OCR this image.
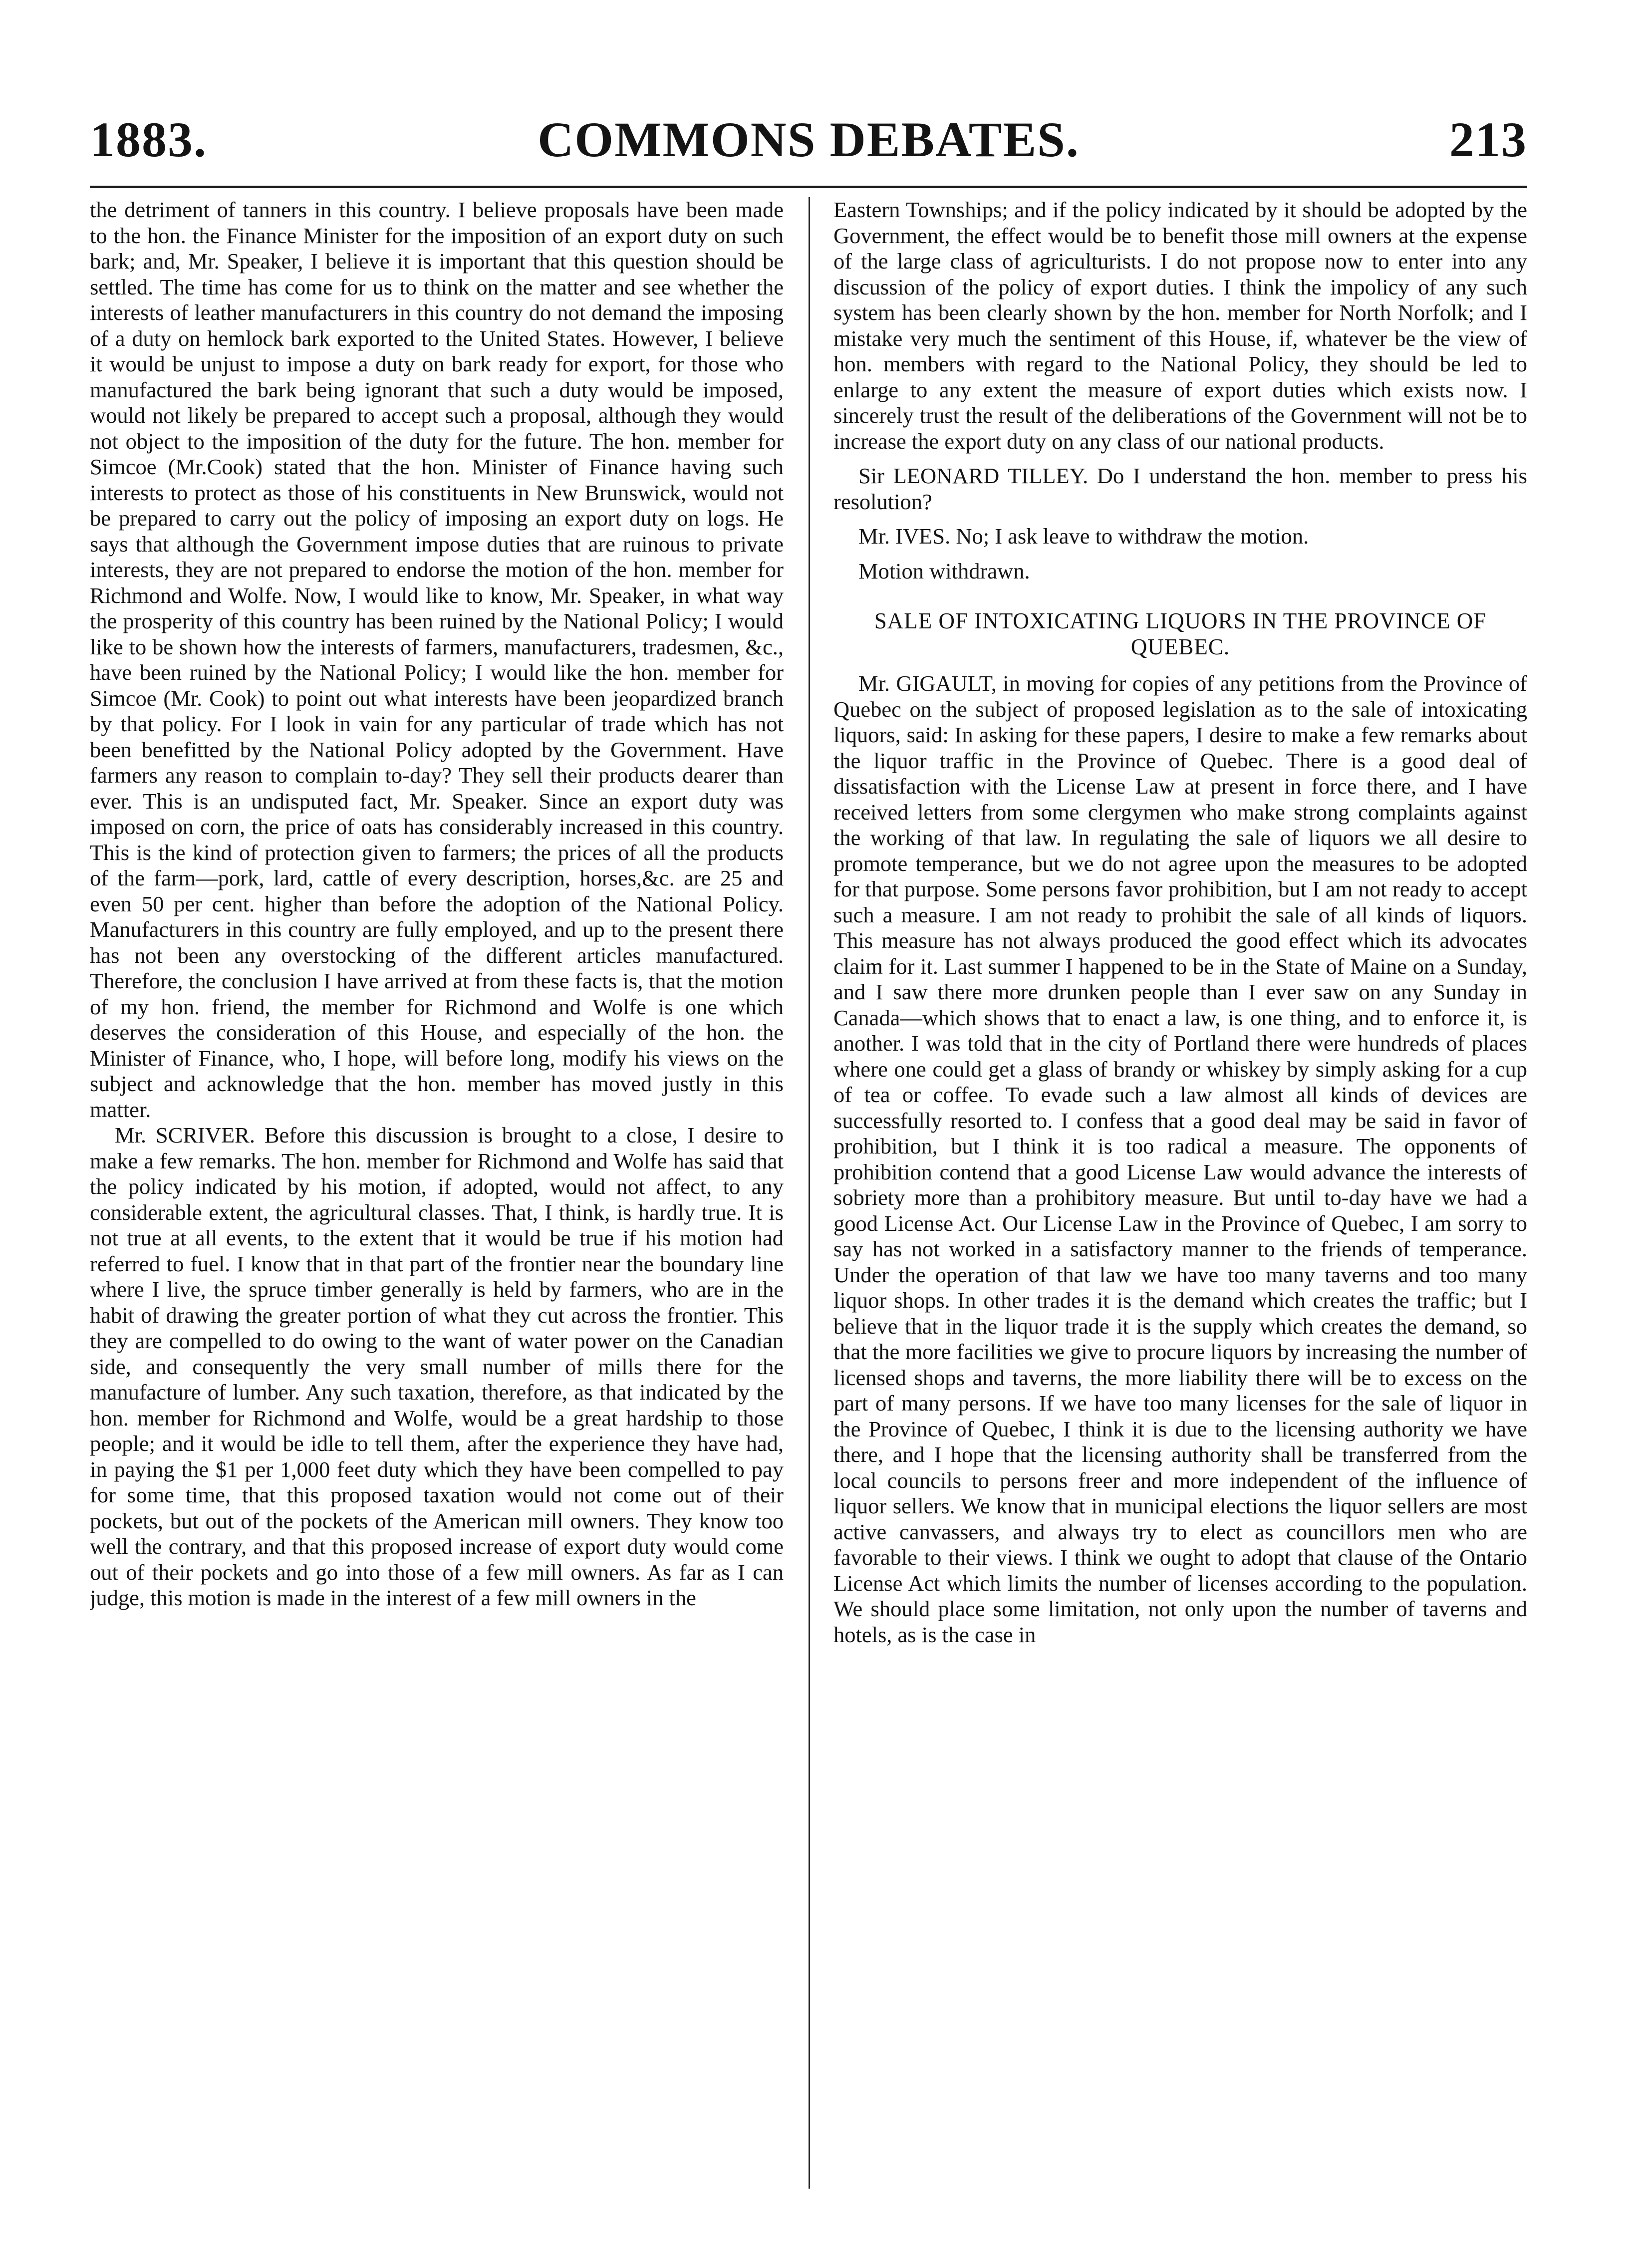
1883.	COMMONS DEBATES.	213

the detriment of tanners in this country. I believe proposals have been made to the hon. the Finance Minister for the imposition of an export duty on such bark; and, Mr. Speaker, I believe it is important that this question should be settled. The time has come for us to think on the matter and see whether the interests of leather manufacturers in this country do not demand the imposing of a duty on hemlock bark exported to the United States. However, I believe it would be unjust to impose a duty on bark ready for export, for those who manufactured the bark being ignorant that such a duty would be imposed, would not likely be prepared to accept such a proposal, although they would not object to the imposition of the duty for the future. The hon. member for Simcoe (Mr.Cook) stated that the hon. Minister of Finance having such interests to protect as those of his constituents in New Brunswick, would not be prepared to carry out the policy of imposing an export duty on logs. He says that although the Government impose duties that are ruinous to private interests, they are not prepared to endorse the motion of the hon. member for Richmond and Wolfe. Now, I would like to know, Mr. Speaker, in what way the prosperity of this country has been ruined by the National Policy; I would like to be shown how the interests of farmers, manufacturers, tradesmen, &c., have been ruined by the National Policy; I would like the hon. member for Simcoe (Mr. Cook) to point out what interests have been jeopardized branch by that policy. For I look in vain for any particular of trade which has not been benefitted by the National Policy adopted by the Government. Have farmers any reason to complain to-day? They sell their products dearer than ever. This is an undisputed fact, Mr. Speaker. Since an export duty was imposed on corn, the price of oats has considerably increased in this country. This is the kind of protection given to farmers; the prices of all the products of the farm—pork, lard, cattle of every description, horses,&c. are 25 and even 50 per cent. higher than before the adoption of the National Policy. Manufacturers in this country are fully employed, and up to the present there has not been any overstocking of the different articles manufactured. Therefore, the conclusion I have arrived at from these facts is, that the motion of my hon. friend, the member for Richmond and Wolfe is one which deserves the consideration of this House, and especially of the hon. the Minister of Finance, who, I hope, will before long, modify his views on the subject and acknowledge that the hon. member has moved justly in this matter.

Mr. SCRIVER. Before this discussion is brought to a close, I desire to make a few remarks. The hon. member for Richmond and Wolfe has said that the policy indicated by his motion, if adopted, would not affect, to any considerable extent, the agricultural classes. That, I think, is hardly true. It is not true at all events, to the extent that it would be true if his motion had referred to fuel. I know that in that part of the frontier near the boundary line where I live, the spruce timber generally is held by farmers, who are in the habit of drawing the greater portion of what they cut across the frontier. This they are compelled to do owing to the want of water power on the Canadian side, and consequently the very small number of mills there for the manufacture of lumber. Any such taxation, therefore, as that indicated by the hon. member for Richmond and Wolfe, would be a great hardship to those people; and it would be idle to tell them, after the experience they have had, in paying the $1 per 1,000 feet duty which they have been compelled to pay for some time, that this proposed taxation would not come out of their pockets, but out of the pockets of the American mill owners. They know too well the contrary, and that this proposed increase of export duty would come out of their pockets and go into those of a few mill owners. As far as I can judge, this motion is made in the interest of a few mill owners in the

Eastern Townships; and if the policy indicated by it should be adopted by the Government, the effect would be to benefit those mill owners at the expense of the large class of agriculturists. I do not propose now to enter into any discussion of the policy of export duties. I think the impolicy of any such system has been clearly shown by the hon. member for North Norfolk; and I mistake very much the sentiment of this House, if, whatever be the view of hon. members with regard to the National Policy, they should be led to enlarge to any extent the measure of export duties which exists now. I sincerely trust the result of the deliberations of the Government will not be to increase the export duty on any class of our national products.

Sir LEONARD TILLEY. Do I understand the hon. member to press his resolution?

Mr. IVES. No; I ask leave to withdraw the motion.

Motion withdrawn.

SALE OF INTOXICATING LIQUORS IN THE PROVINCE OF QUEBEC.

Mr. GIGAULT, in moving for copies of any petitions from the Province of Quebec on the subject of proposed legislation as to the sale of intoxicating liquors, said: In asking for these papers, I desire to make a few remarks about the liquor traffic in the Province of Quebec. There is a good deal of dissatisfaction with the License Law at present in force there, and I have received letters from some clergymen who make strong complaints against the working of that law. In regulating the sale of liquors we all desire to promote temperance, but we do not agree upon the measures to be adopted for that purpose. Some persons favor prohibition, but I am not ready to accept such a measure. I am not ready to prohibit the sale of all kinds of liquors. This measure has not always produced the good effect which its advocates claim for it. Last summer I happened to be in the State of Maine on a Sunday, and I saw there more drunken people than I ever saw on any Sunday in Canada—which shows that to enact a law, is one thing, and to enforce it, is another. I was told that in the city of Portland there were hundreds of places where one could get a glass of brandy or whiskey by simply asking for a cup of tea or coffee. To evade such a law almost all kinds of devices are successfully resorted to. I confess that a good deal may be said in favor of prohibition, but I think it is too radical a measure. The opponents of prohibition contend that a good License Law would advance the interests of sobriety more than a prohibitory measure. But until to-day have we had a good License Act. Our License Law in the Province of Quebec, I am sorry to say has not worked in a satisfactory manner to the friends of temperance. Under the operation of that law we have too many taverns and too many liquor shops. In other trades it is the demand which creates the traffic; but I believe that in the liquor trade it is the supply which creates the demand, so that the more facilities we give to procure liquors by increasing the number of licensed shops and taverns, the more liability there will be to excess on the part of many persons. If we have too many licenses for the sale of liquor in the Province of Quebec, I think it is due to the licensing authority we have there, and I hope that the licensing authority shall be transferred from the local councils to persons freer and more independent of the influence of liquor sellers. We know that in municipal elections the liquor sellers are most active canvassers, and always try to elect as councillors men who are favorable to their views. I think we ought to adopt that clause of the Ontario License Act which limits the number of licenses according to the population. We should place some limitation, not only upon the number of taverns and hotels, as is the case in
